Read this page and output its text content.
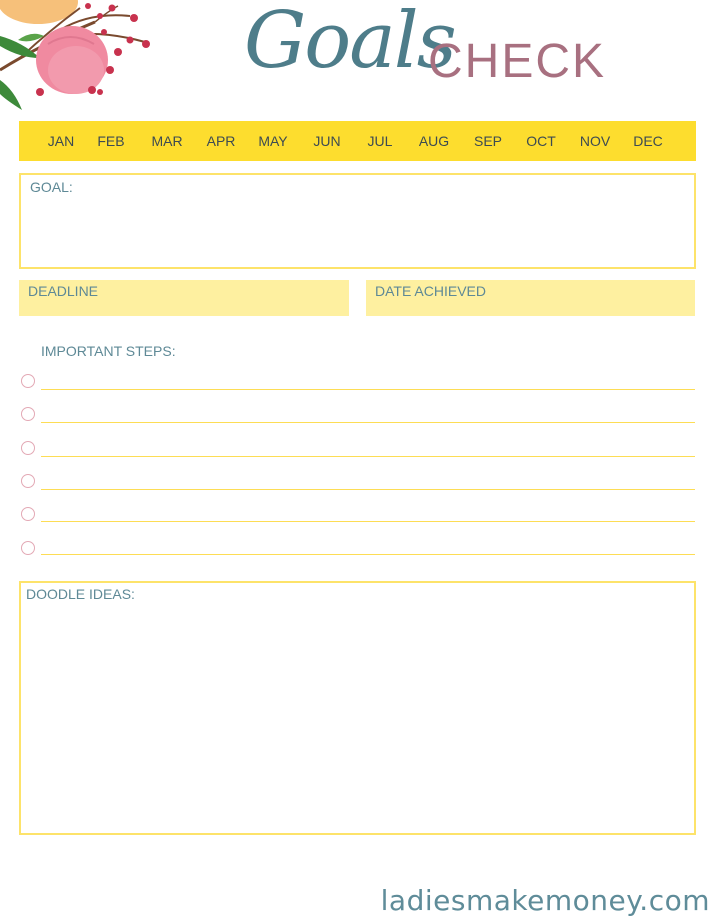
Goals
CHECK
JAN FEB MAR APR MAY JUN JUL AUG SEP OCT NOV DEC
GOAL:
DEADLINE	DATE ACHIEVED
IMPORTANT STEPS:
DOODLE IDEAS:
ladiesmakemoney.com
